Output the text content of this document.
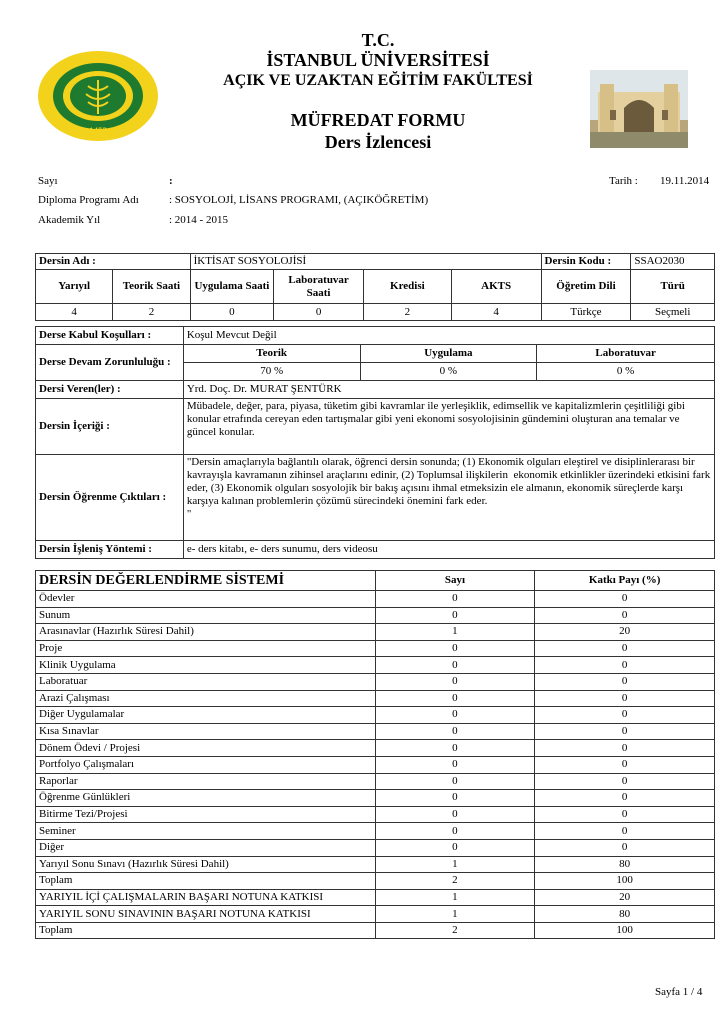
1453
T.C.
İSTANBUL ÜNİVERSİTESİ
AÇIK VE UZAKTAN EĞİTİM FAKÜLTESİ
MÜFREDAT FORMU
Ders İzlencesi
Sayı	:	Tarih : 19.11.2014
Diploma Programı Adı	: SOSYOLOJİ, LİSANS PROGRAMI, (AÇIKÖĞRETİM)
Akademik Yıl	: 2014 - 2015
Dersin Adı :		İKTİSAT SOSYOLOJİSİ				Dersin Kodu :	SSAO2030
Yarıyıl	Teorik Saati	Uygulama Saati	Laboratuvar Saati	Kredisi	AKTS	Öğretim Dili	Türü
4	2	0	0	2	4	Türkçe	Seçmeli
Derse Kabul Koşulları :	Koşul Mevcut Değil		
Derse Devam Zorunluluğu :	Teorik	Uygulama	Laboratuvar
	70 %	0 %	0 %
Dersi Veren(ler) :	Yrd. Doç. Dr. MURAT ŞENTÜRK		
Dersin İçeriği :	Mübadele, değer, para, piyasa, tüketim gibi kavramlar ile yerleşiklik, edimsellik ve kapitalizmlerin çeşitliliği gibi konular etrafında cereyan eden tartışmalar gibi yeni ekonomi sosyolojisinin gündemini oluşturan ana temalar ve güncel konular.		
Dersin Öğrenme Çıktıları :	"Dersin amaçlarıyla bağlantılı olarak, öğrenci dersin sonunda; (1) Ekonomik olguları eleştirel ve disiplinlerarası bir kavrayışla kavramanın zihinsel araçlarını edinir, (2) Toplumsal ilişkilerin  ekonomik etkinlikler üzerindeki etkisini fark eder, (3) Ekonomik olguları sosyolojik bir bakış açısını ihmal etmeksizin ele almanın, ekonomik süreçlerde karşı karşıya kalınan problemlerin çözümü sürecindeki önemini fark eder.
"		
Dersin İşleniş Yöntemi :	e- ders kitabı, e- ders sunumu, ders videosu		
DERSİN DEĞERLENDİRME SİSTEMİ	Sayı	Katkı Payı (%)
Ödevler	0	0
Sunum	0	0
Arasınavlar (Hazırlık Süresi Dahil)	1	20
Proje	0	0
Klinik Uygulama	0	0
Laboratuar	0	0
Arazi Çalışması	0	0
Diğer Uygulamalar	0	0
Kısa Sınavlar	0	0
Dönem Ödevi / Projesi	0	0
Portfolyo Çalışmaları	0	0
Raporlar	0	0
Öğrenme Günlükleri	0	0
Bitirme Tezi/Projesi	0	0
Seminer	0	0
Diğer	0	0
Yarıyıl Sonu Sınavı (Hazırlık Süresi Dahil)	1	80
Toplam	2	100
YARIYIL İÇİ ÇALIŞMALARIN BAŞARI NOTUNA KATKISI	1	20
YARIYIL SONU SINAVININ BAŞARI NOTUNA KATKISI	1	80
Toplam	2	100
Sayfa 1 / 4
